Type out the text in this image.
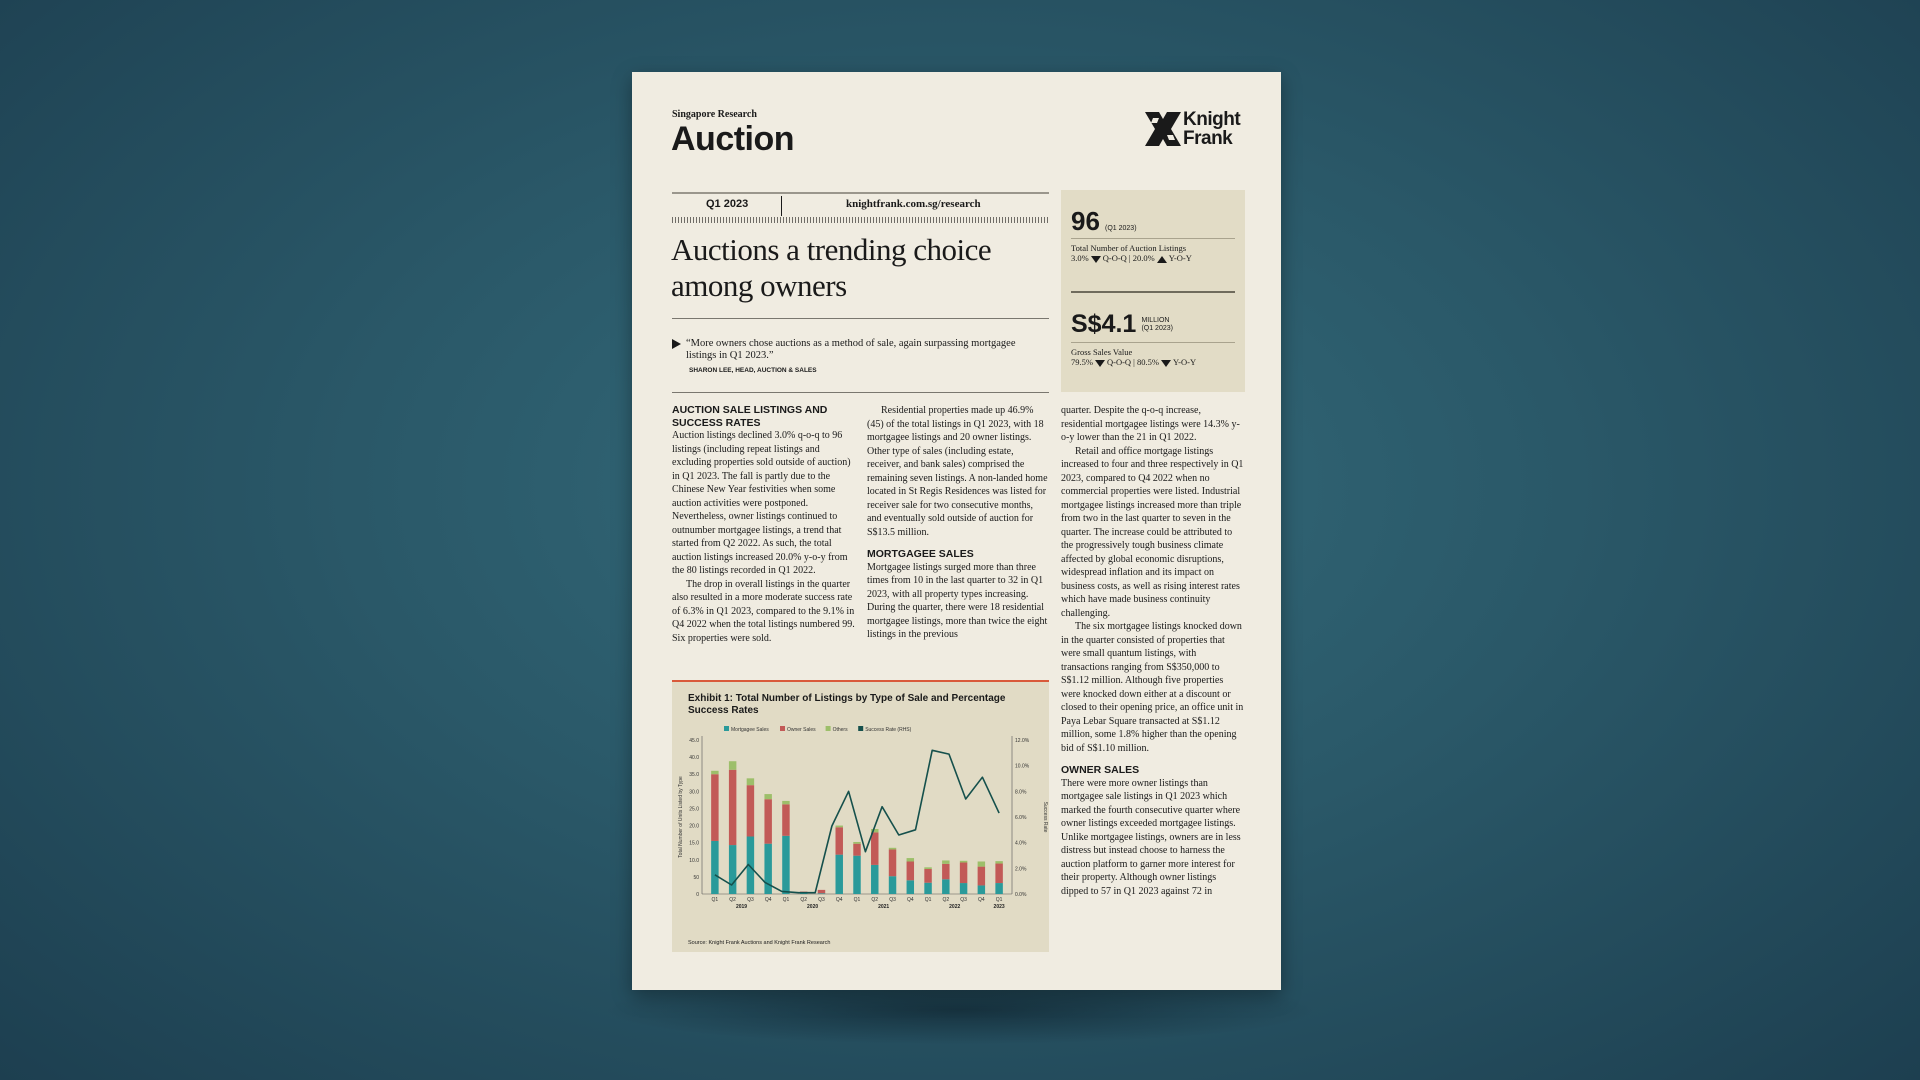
Singapore Research
Auction
Knight
Frank
Q1 2023	knightfrank.com.sg/research
Auctions a trending choice
among owners
“More owners chose auctions as a method of sale, again surpassing mortgagee listings in Q1 2023.”
SHARON LEE, HEAD, AUCTION & SALES
96 (Q1 2023)
Total Number of Auction Listings
3.0% Q-O-Q | 20.0% Y-O-Y
S$4.1 MILLION
(Q1 2023)
Gross Sales Value
79.5% Q-O-Q | 80.5% Y-O-Y
AUCTION SALE LISTINGS AND SUCCESS RATES

Auction listings declined 3.0% q-o-q to 96 listings (including repeat listings and excluding properties sold outside of auction) in Q1 2023. The fall is partly due to the Chinese New Year festivities when some auction activities were postponed. Nevertheless, owner listings continued to outnumber mortgagee listings, a trend that started from Q2 2022. As such, the total auction listings increased 20.0% y-o-y from the 80 listings recorded in Q1 2022.

The drop in overall listings in the quarter also resulted in a more moderate success rate of 6.3% in Q1 2023, compared to the 9.1% in Q4 2022 when the total listings numbered 99. Six properties were sold.

Residential properties made up 46.9% (45) of the total listings in Q1 2023, with 18 mortgagee listings and 20 owner listings. Other type of sales (including estate, receiver, and bank sales) comprised the remaining seven listings. A non-landed home located in St Regis Residences was listed for receiver sale for two consecutive months, and eventually sold outside of auction for S$13.5 million.

MORTGAGEE SALES

Mortgagee listings surged more than three times from 10 in the last quarter to 32 in Q1 2023, with all property types increasing. During the quarter, there were 18 residential mortgagee listings, more than twice the eight listings in the previous

quarter. Despite the q-o-q increase, residential mortgagee listings were 14.3% y-o-y lower than the 21 in Q1 2022.

Retail and office mortgage listings increased to four and three respectively in Q1 2023, compared to Q4 2022 when no commercial properties were listed. Industrial mortgagee listings increased more than triple from two in the last quarter to seven in the quarter. The increase could be attributed to the progressively tough business climate affected by global economic disruptions, widespread inflation and its impact on business costs, as well as rising interest rates which have made business continuity challenging.

The six mortgagee listings knocked down in the quarter consisted of properties that were small quantum listings, with transactions ranging from S$350,000 to S$1.12 million. Although five properties were knocked down either at a discount or closed to their opening price, an office unit in Paya Lebar Square transacted at S$1.12 million, some 1.8% higher than the opening bid of S$1.10 million.

OWNER SALES

There were more owner listings than mortgagee sale listings in Q1 2023 which marked the fourth consecutive quarter where owner listings exceeded mortgagee listings. Unlike mortgagee listings, owners are in less distress but instead choose to harness the auction platform to garner more interest for their property. Although owner listings dipped to 57 in Q1 2023 against 72 in

Exhibit 1: Total Number of Listings by Type of Sale and Percentage Success Rates
Mortgagee Sales	Owner Sales	Others	Success Rate (RHS)
0
50
10.0
15.0
20.0
25.0
30.0
35.0
40.0
45.0
0.0%
2.0%
4.0%
6.0%
8.0%
10.0%
12.0%
Total Number of Units Listed by Type	Success Rate
Q1 Q2 Q3 Q4 Q1 Q2 Q3 Q4 Q1 Q2 Q3 Q4 Q1 Q2 Q3 Q4 Q1
2019	2020	2021	2022	2023
Source: Knight Frank Auctions and Knight Frank Research
